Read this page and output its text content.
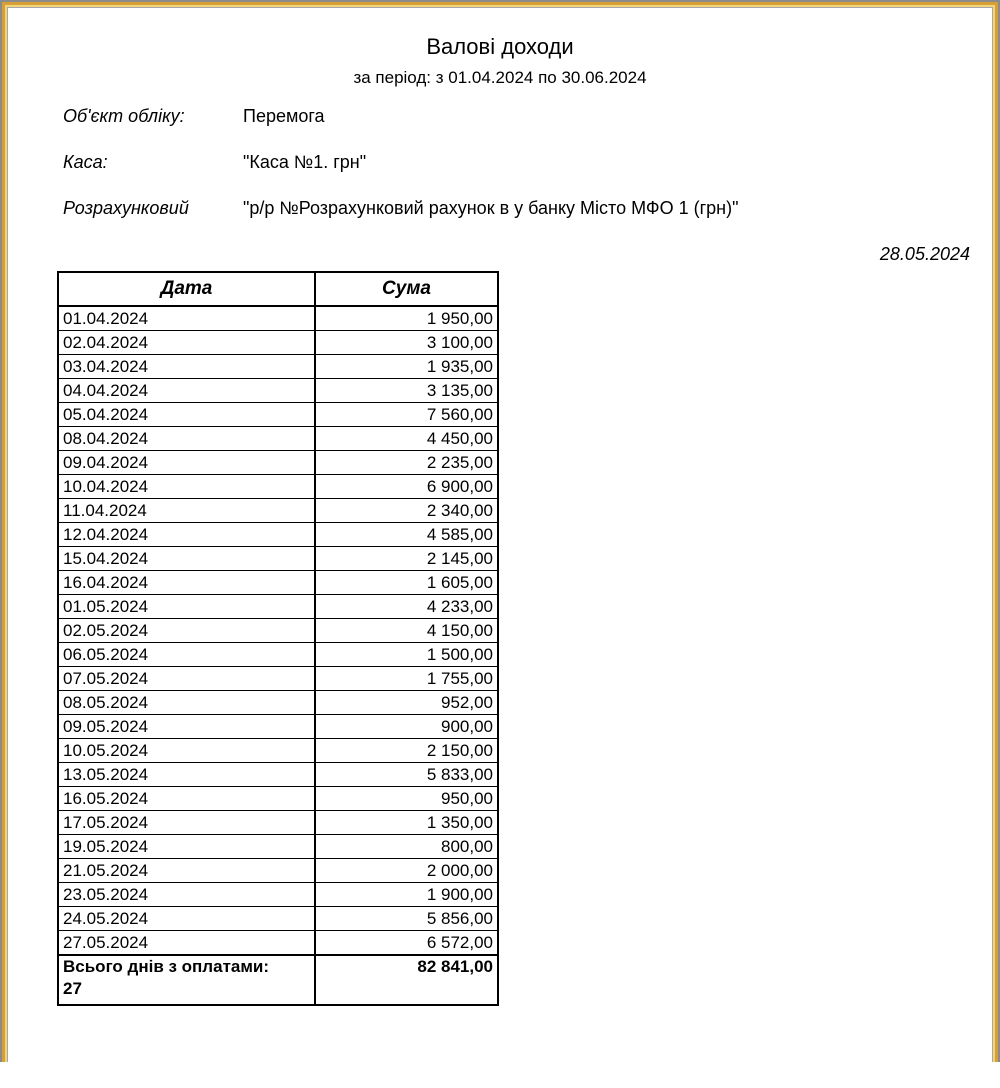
Валові доходи
за період: з 01.04.2024 по 30.06.2024
Об'єкт обліку:	Перемога
Каса:	"Каса №1. грн"
Розрахунковий	"р/р №Розрахунковий рахунок в у банку Місто МФО 1 (грн)"
28.05.2024
Дата	Сума
01.04.2024	1 950,00
02.04.2024	3 100,00
03.04.2024	1 935,00
04.04.2024	3 135,00
05.04.2024	7 560,00
08.04.2024	4 450,00
09.04.2024	2 235,00
10.04.2024	6 900,00
11.04.2024	2 340,00
12.04.2024	4 585,00
15.04.2024	2 145,00
16.04.2024	1 605,00
01.05.2024	4 233,00
02.05.2024	4 150,00
06.05.2024	1 500,00
07.05.2024	1 755,00
08.05.2024	952,00
09.05.2024	900,00
10.05.2024	2 150,00
13.05.2024	5 833,00
16.05.2024	950,00
17.05.2024	1 350,00
19.05.2024	800,00
21.05.2024	2 000,00
23.05.2024	1 900,00
24.05.2024	5 856,00
27.05.2024	6 572,00
Всього днів з оплатами:
27	82 841,00
